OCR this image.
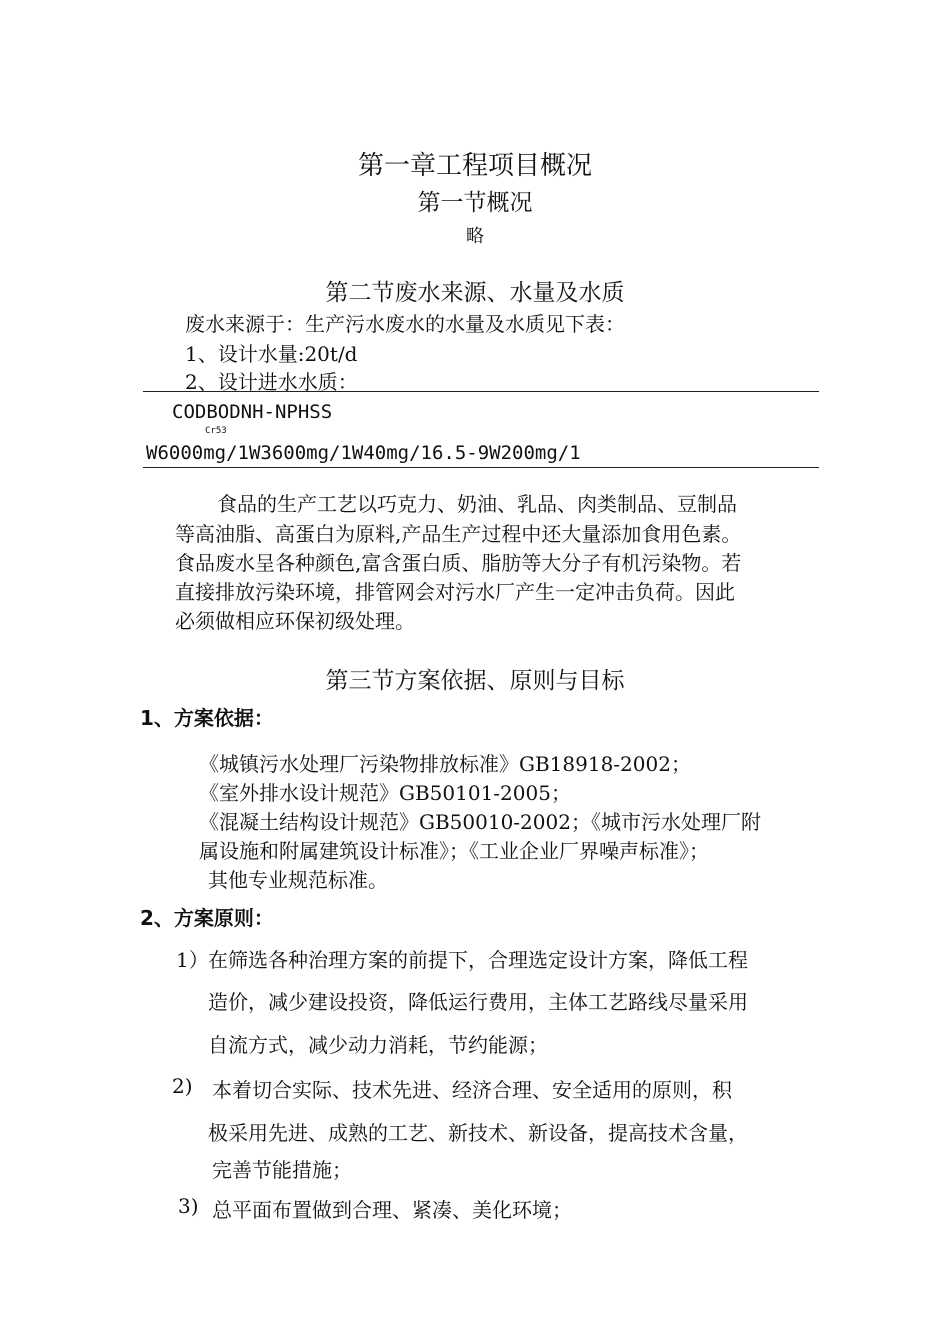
第一章工程项目概况
第一节概况
略
第二节废水来源、水量及水质
废水来源于：生产污水废水的水量及水质见下表：
1、设计水量:20t/d
2、设计进水水质：
CODBODNH-NPHSS
Cr53
W6000mg/1W3600mg/1W40mg/16.5-9W200mg/1
食品的生产工艺以巧克力、奶油、乳品、肉类制品、豆制品
等高油脂、高蛋白为原料,产品生产过程中还大量添加食用色素。
食品废水呈各种颜色,富含蛋白质、脂肪等大分子有机污染物。若
直接排放污染环境，排管网会对污水厂产生一定冲击负荷。因此
必须做相应环保初级处理。
第三节方案依据、原则与目标
1、方案依据：
《城镇污水处理厂污染物排放标准》GB18918-2002；
《室外排水设计规范》GB50101-2005；
《混凝土结构设计规范》GB50010-2002；《城市污水处理厂附
属设施和附属建筑设计标准》；《工业企业厂界噪声标准》；
其他专业规范标准。
2、方案原则：
1） 在筛选各种治理方案的前提下，合理选定设计方案，降低工程
造价，减少建设投资，降低运行费用，主体工艺路线尽量采用
自流方式，减少动力消耗，节约能源；
2) 本着切合实际、技术先进、经济合理、安全适用的原则，积
极采用先进、成熟的工艺、新技术、新设备，提高技术含量，
完善节能措施；
3) 总平面布置做到合理、紧凑、美化环境；
